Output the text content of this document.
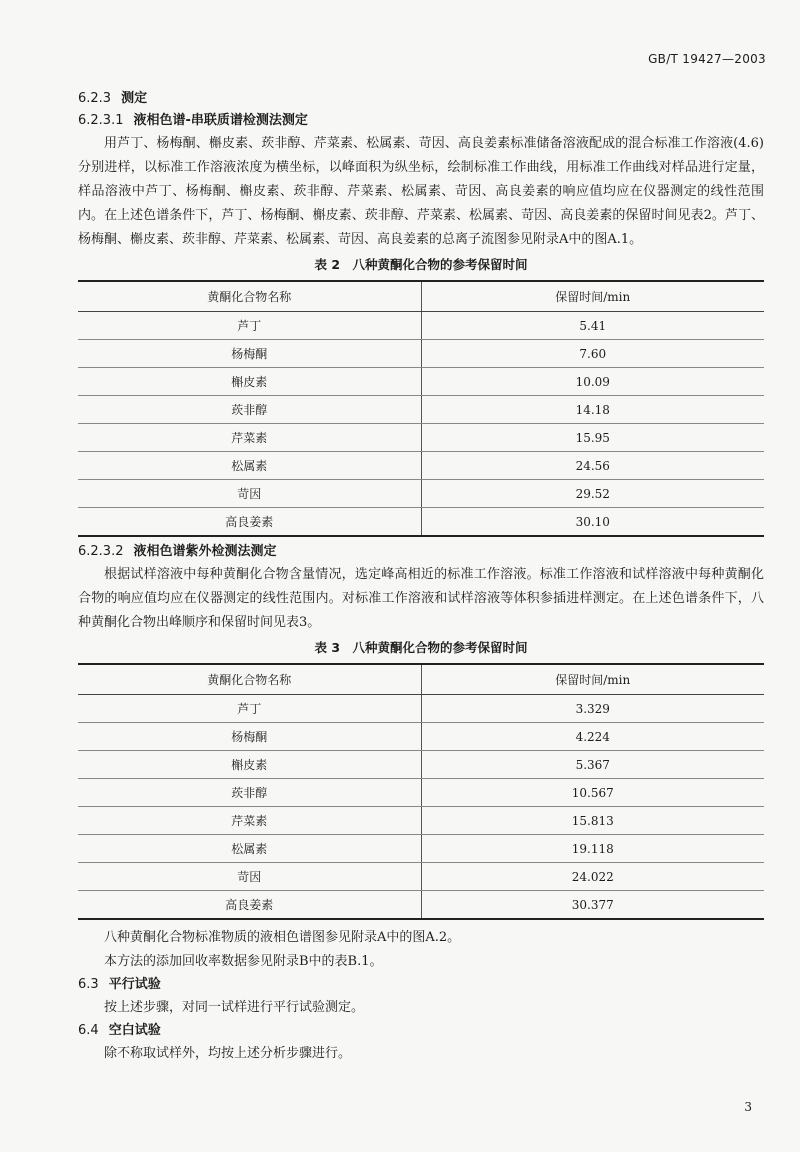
GB/T 19427—2003
6.2.3 测定
6.2.3.1 液相色谱-串联质谱检测法测定

用芦丁、杨梅酮、槲皮素、莰非醇、芹菜素、松属素、苛因、高良姜素标准储备溶液配成的混合标准工作溶液(4.6)分别进样，以标准工作溶液浓度为横坐标，以峰面积为纵坐标，绘制标准工作曲线，用标准工作曲线对样品进行定量，样品溶液中芦丁、杨梅酮、槲皮素、莰非醇、芹菜素、松属素、苛因、高良姜素的响应值均应在仪器测定的线性范围内。在上述色谱条件下，芦丁、杨梅酮、槲皮素、莰非醇、芹菜素、松属素、苛因、高良姜素的保留时间见表2。芦丁、杨梅酮、槲皮素、莰非醇、芹菜素、松属素、苛因、高良姜素的总离子流图参见附录A中的图A.1。

表 2　八种黄酮化合物的参考保留时间
黄酮化合物名称	保留时间/min
芦丁	5.41
杨梅酮	7.60
槲皮素	10.09
莰非醇	14.18
芹菜素	15.95
松属素	24.56
苛因	29.52
高良姜素	30.10
6.2.3.2 液相色谱紫外检测法测定

根据试样溶液中每种黄酮化合物含量情况，选定峰高相近的标准工作溶液。标准工作溶液和试样溶液中每种黄酮化合物的响应值均应在仪器测定的线性范围内。对标准工作溶液和试样溶液等体积参插进样测定。在上述色谱条件下，八种黄酮化合物出峰顺序和保留时间见表3。

表 3　八种黄酮化合物的参考保留时间
黄酮化合物名称	保留时间/min
芦丁	3.329
杨梅酮	4.224
槲皮素	5.367
莰非醇	10.567
芹菜素	15.813
松属素	19.118
苛因	24.022
高良姜素	30.377

八种黄酮化合物标准物质的液相色谱图参见附录A中的图A.2。

本方法的添加回收率数据参见附录B中的表B.1。

6.3 平行试验

按上述步骤，对同一试样进行平行试验测定。

6.4 空白试验

除不称取试样外，均按上述分析步骤进行。

3
